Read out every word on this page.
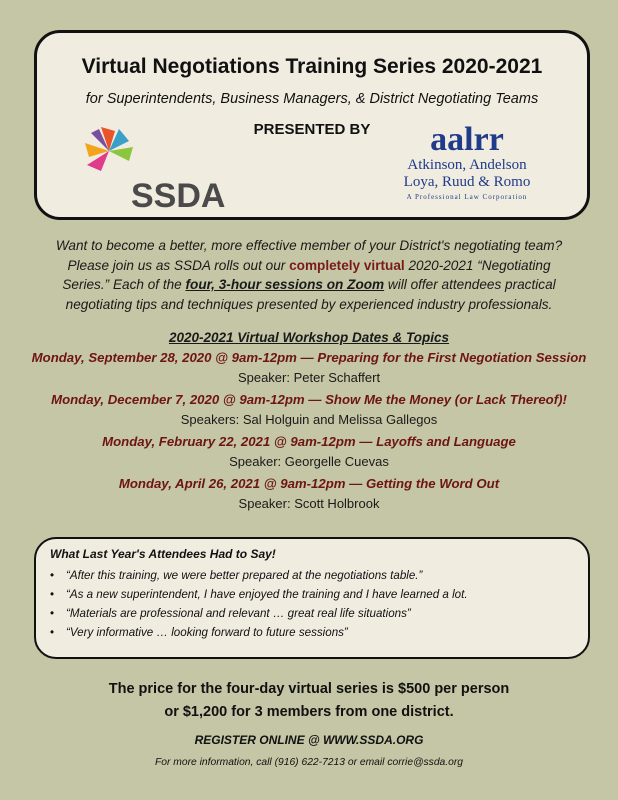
Virtual Negotiations Training Series 2020-2021
for Superintendents, Business Managers, & District Negotiating Teams
PRESENTED BY
SSDA
aalrr
Atkinson, Andelson
Loya, Ruud & Romo
A Professional Law Corporation
Want to become a better, more effective member of your District's negotiating team?
Please join us as SSDA rolls out our completely virtual 2020-2021 “Negotiating
Series.” Each of the four, 3-hour sessions on Zoom will offer attendees practical
negotiating tips and techniques presented by experienced industry professionals.
2020-2021 Virtual Workshop Dates & Topics
Monday, September 28, 2020 @ 9am-12pm — Preparing for the First Negotiation Session
Speaker: Peter Schaffert
Monday, December 7, 2020 @ 9am-12pm — Show Me the Money (or Lack Thereof)!
Speakers: Sal Holguin and Melissa Gallegos
Monday, February 22, 2021 @ 9am-12pm — Layoffs and Language
Speaker: Georgelle Cuevas
Monday, April 26, 2021 @ 9am-12pm — Getting the Word Out
Speaker: Scott Holbrook
What Last Year's Attendees Had to Say!
•	“After this training, we were better prepared at the negotiations table.”
•	“As a new superintendent, I have enjoyed the training and I have learned a lot.
•	“Materials are professional and relevant … great real life situations”
•	“Very informative … looking forward to future sessions”
The price for the four-day virtual series is $500 per person
or $1,200 for 3 members from one district.
REGISTER ONLINE @ WWW.SSDA.ORG
For more information, call (916) 622-7213 or email corrie@ssda.org
